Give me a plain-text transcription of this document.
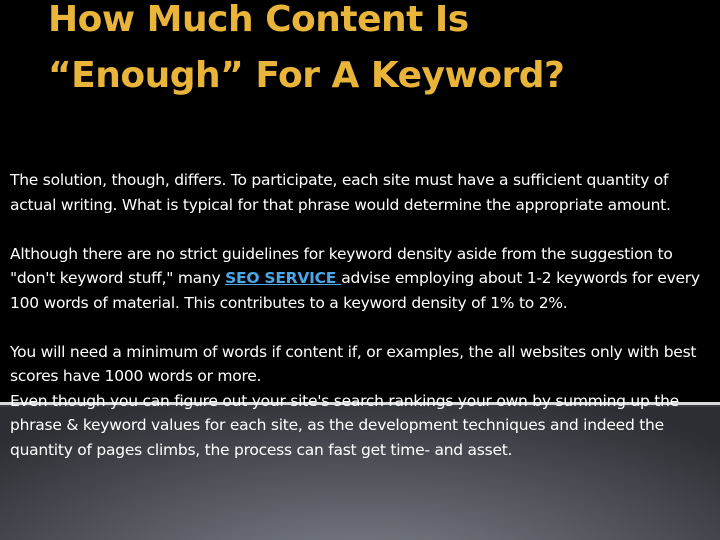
How Much Content Is
“Enough” For A Keyword?

The solution, though, differs. To participate, each site must have a sufficient quantity of actual writing. What is typical for that phrase would determine the appropriate amount.

Although there are no strict guidelines for keyword density aside from the suggestion to "don't keyword stuff," many SEO SERVICE advise employing about 1-2 keywords for every 100 words of material. This contributes to a keyword density of 1% to 2%.

You will need a minimum of words if content if, or examples, the all websites only with best scores have 1000 words or more.

Even though you can figure out your site's search rankings your own by summing up the phrase & keyword values for each site, as the development techniques and indeed the quantity of pages climbs, the process can fast get time- and asset.
